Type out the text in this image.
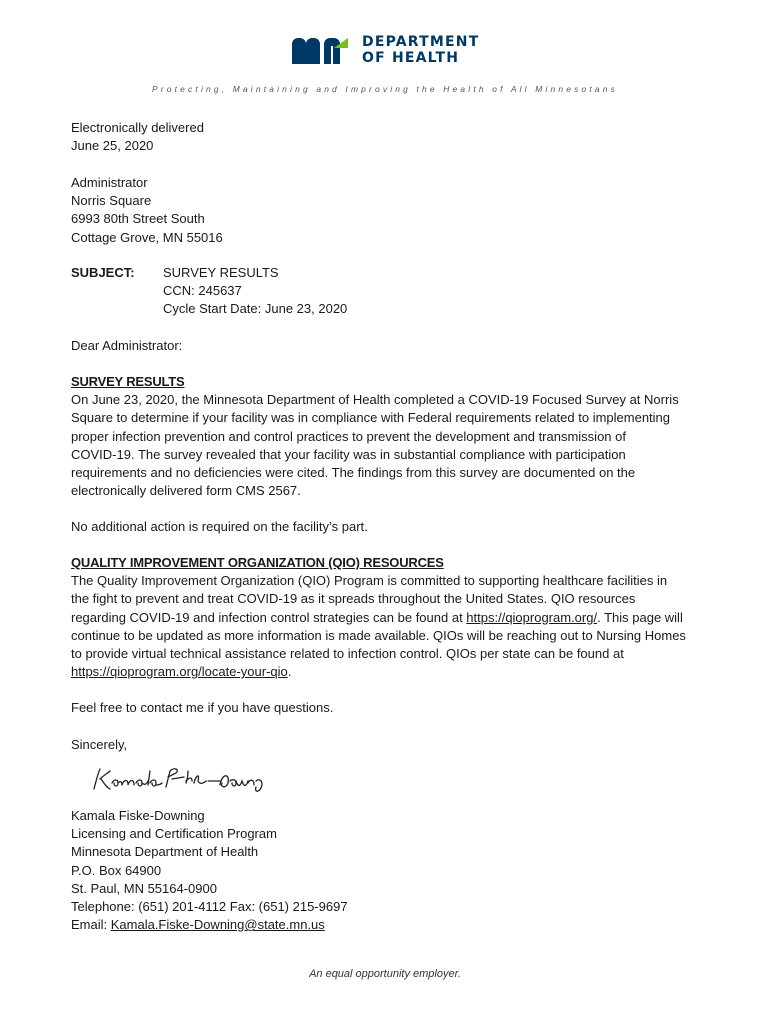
DEPARTMENT
OF HEALTH
Protecting, Maintaining and Improving the Health of All Minnesotans
Electronically delivered
June 25, 2020
Administrator
Norris Square
6993 80th Street South
Cottage Grove, MN 55016
SUBJECT: SURVEY RESULTS
CCN: 245637
Cycle Start Date: June 23, 2020
Dear Administrator:
SURVEY RESULTS
On June 23, 2020, the Minnesota Department of Health completed a COVID-19 Focused Survey at Norris
Square to determine if your facility was in compliance with Federal requirements related to implementing
proper infection prevention and control practices to prevent the development and transmission of
COVID-19. The survey revealed that your facility was in substantial compliance with participation
requirements and no deficiencies were cited. The findings from this survey are documented on the
electronically delivered form CMS 2567.
No additional action is required on the facility’s part.
QUALITY IMPROVEMENT ORGANIZATION (QIO) RESOURCES
The Quality Improvement Organization (QIO) Program is committed to supporting healthcare facilities in
the fight to prevent and treat COVID-19 as it spreads throughout the United States. QIO resources
regarding COVID-19 and infection control strategies can be found at https://qioprogram.org/. This page will
continue to be updated as more information is made available. QIOs will be reaching out to Nursing Homes
to provide virtual technical assistance related to infection control. QIOs per state can be found at
https://qioprogram.org/locate-your-qio.
Feel free to contact me if you have questions.
Sincerely,
Kamala Fiske-Downing
Licensing and Certification Program
Minnesota Department of Health
P.O. Box 64900
St. Paul, MN 55164-0900
Telephone: (651) 201-4112 Fax: (651) 215-9697
Email: Kamala.Fiske-Downing@state.mn.us
An equal opportunity employer.
